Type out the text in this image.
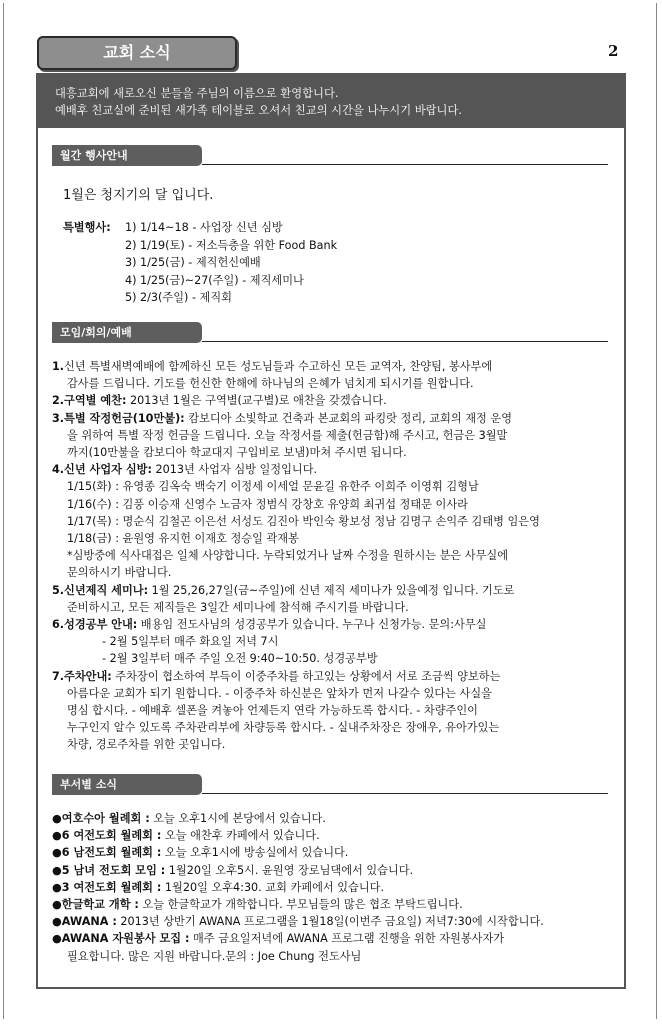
교회 소식	2
대흥교회에 새로오신 분들을 주님의 이름으로 환영합니다.
예배후 친교실에 준비된 새가족 테이블로 오셔서 친교의 시간을 나누시기 바랍니다.
월간 행사안내
1월은 청지기의 달 입니다.
특별행사: 1) 1/14~18 - 사업장 신년 심방
2) 1/19(토) - 저소득층을 위한 Food Bank
3) 1/25(금) - 제직헌신예배
4) 1/25(금)~27(주일) - 제직세미나
5) 2/3(주일) - 제직회
모임/회의/예배
1.신년 특별새벽예배에 함께하신 모든 성도님들과 수고하신 모든 교역자, 찬양팀, 봉사부에
감사를 드립니다. 기도를 헌신한 한해에 하나님의 은혜가 넘치게 되시기를 원합니다.
2.구역별 예찬: 2013년 1월은 구역별(교구별)로 애찬을 갖겠습니다.
3.특별 작정헌금(10만불): 캄보디아 소빛학교 건축과 본교회의 파킹랏 정리, 교회의 재정 운영
을 위하여 특별 작정 헌금을 드립니다. 오늘 작정서를 제출(헌금함)해 주시고, 헌금은 3월말
까지(10만불을 캄보디아 학교대지 구입비로 보냄)마쳐 주시면 됩니다.
4.신년 사업자 심방: 2013년 사업자 심방 일정입니다.
1/15(화) : 유영종 김옥숙 백숙기 이정세 이세얼 문윤길 유한주 이희주 이영휘 김형남
1/16(수) : 김풍 이승재 신영수 노금자 정범식 강창호 유양희 최귀섭 정태문 이사라
1/17(목) : 명순식 김철곤 이은선 서성도 김진아 박인숙 황보성 정남 김명구 손익주 김태병 임은영
1/18(금) : 윤원영 유지헌 이재호 정승일 곽재봉
*심방중에 식사대접은 일체 사양합니다. 누락되었거나 날짜 수정을 원하시는 분은 사무실에
문의하시기 바랍니다.
5.신년제직 세미나: 1월 25,26,27일(금~주일)에 신년 제직 세미나가 있을예정 입니다. 기도로
준비하시고, 모든 제직들은 3일간 세미나에 참석해 주시기를 바랍니다.
6.성경공부 안내: 배용임 전도사님의 성경공부가 있습니다. 누구나 신청가능. 문의:사무실
- 2월 5일부터 매주 화요일 저녁 7시
- 2월 3일부터 매주 주일 오전 9:40~10:50. 성경공부방
7.주차안내: 주차장이 협소하여 부득이 이중주차를 하고있는 상황에서 서로 조금씩 양보하는
아름다운 교회가 되기 원합니다. - 이중주차 하신분은 앞차가 먼저 나갈수 있다는 사실을
명심 합시다. - 예배후 셀폰을 켜놓아 언제든지 연락 가능하도록 합시다. - 차량주인이
누구인지 알수 있도록 주차관리부에 차량등록 합시다. - 실내주차장은 장애우, 유아가있는
차량, 경로주차를 위한 곳입니다.
부서별 소식
●여호수아 월례회 : 오늘 오후1시에 본당에서 있습니다.
●6 여전도회 월례회 : 오늘 애찬후 카페에서 있습니다.
●6 남전도회 월례회 : 오늘 오후1시에 방송실에서 있습니다.
●5 남녀 전도회 모임 : 1월20일 오후5시. 윤원영 장로님댁에서 있습니다.
●3 여전도회 월례회 : 1월20일 오후4:30. 교회 카페에서 있습니다.
●한글학교 개학 : 오늘 한글학교가 개학합니다. 부모님들의 많은 협조 부탁드립니다.
●AWANA : 2013년 상반기 AWANA 프로그램을 1월18일(이번주 금요일) 저녁7:30에 시작합니다.
●AWANA 자원봉사 모집 : 매주 금요일저녁에 AWANA 프로그램 진행을 위한 자원봉사자가
필요합니다. 많은 지원 바랍니다.문의 : Joe Chung 전도사님
